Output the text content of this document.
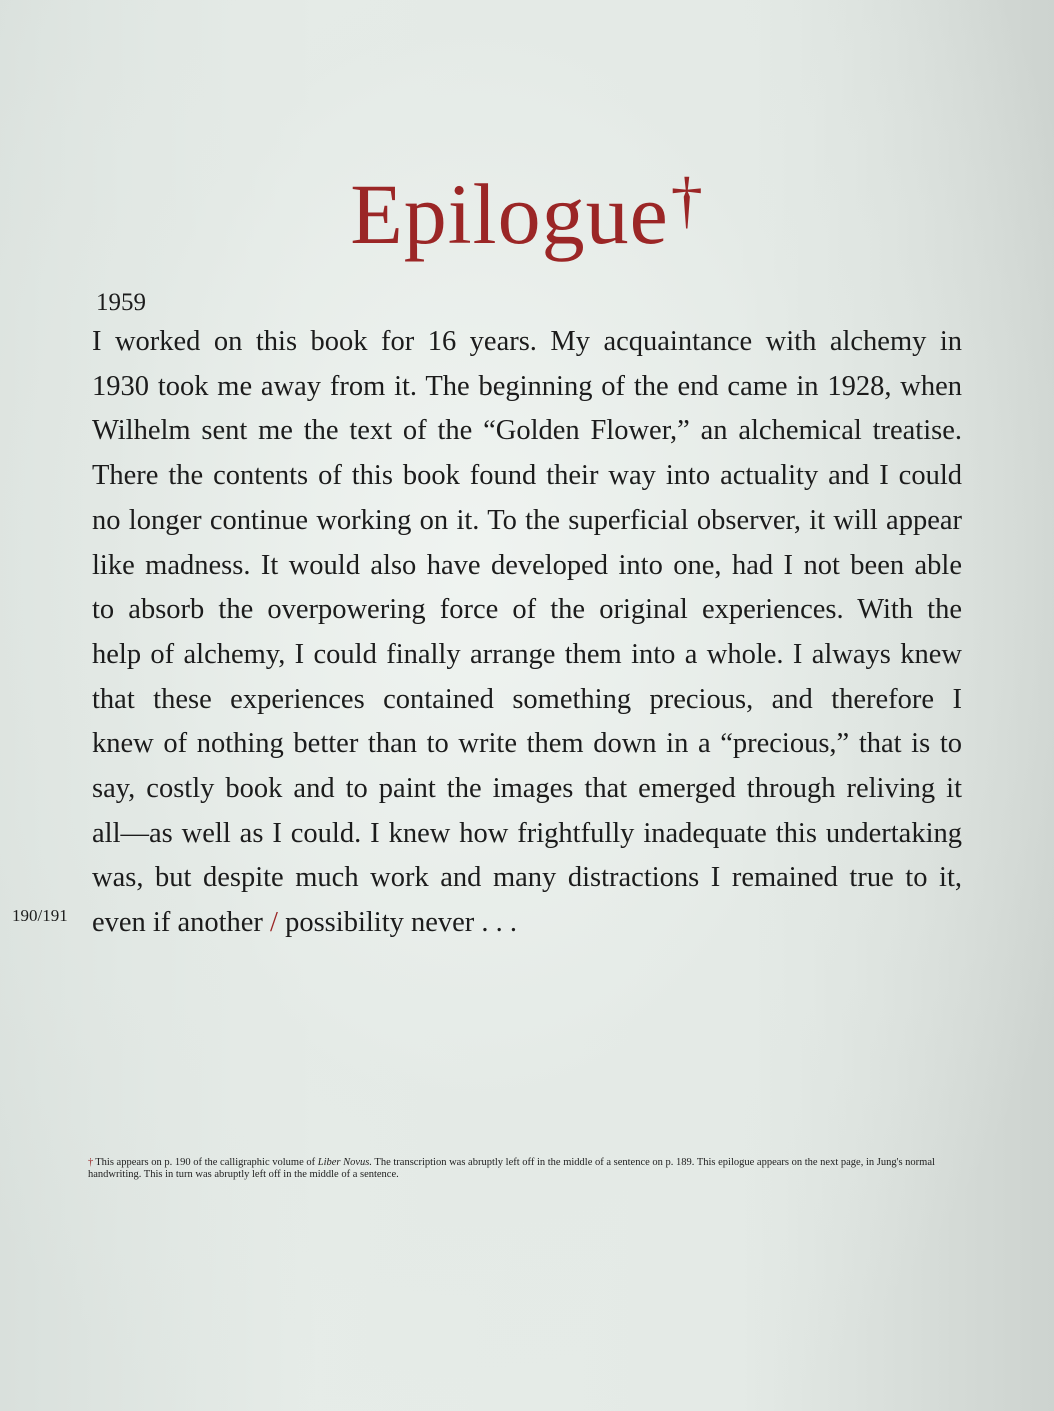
Epilogue†
1959
I worked on this book for 16 years. My acquaintance with alchemy in
1930 took me away from it. The beginning of the end came in 1928, when
Wilhelm sent me the text of the “Golden Flower,” an alchemical treatise.
There the contents of this book found their way into actuality and I could
no longer continue working on it. To the superficial observer, it will appear
like madness. It would also have developed into one, had I not been able
to absorb the overpowering force of the original experiences. With the
help of alchemy, I could finally arrange them into a whole. I always knew
that these experiences contained something precious, and therefore I
knew of nothing better than to write them down in a “precious,” that is to
say, costly book and to paint the images that emerged through reliving it
all—as well as I could. I knew how frightfully inadequate this undertaking
was, but despite much work and many distractions I remained true to it,
even if another / possibility never . . .
190/191

† This appears on p. 190 of the calligraphic volume of Liber Novus. The transcription was abruptly left off in the middle of a sentence on p. 189. This epilogue appears on the next page, in Jung's normal handwriting. This in turn was abruptly left off in the middle of a sentence.
